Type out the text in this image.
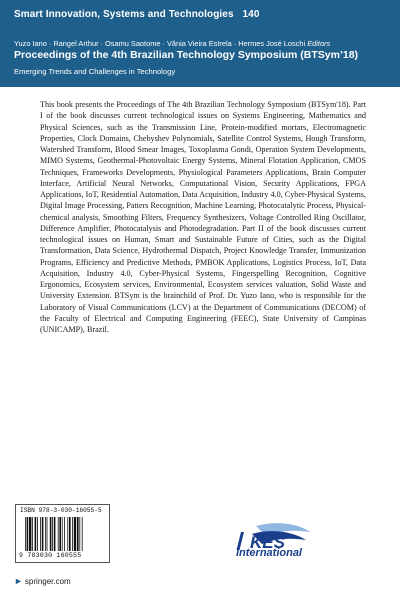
Smart Innovation, Systems and Technologies 140
Yuzo Iano · Rangel Arthur · Osamu Saotome · Vânia Vieira Estrela · Hermes José Loschi Editors
Proceedings of the 4th Brazilian Technology Symposium (BTSym’18)
Emerging Trends and Challenges in Technology
This book presents the Proceedings of The 4th Brazilian Technology Symposium (BTSym'18). Part I of the book discusses current technological issues on Systems Engineering, Mathematics and Physical Sciences, such as the Transmission Line, Protein-modified mortars, Electromagnetic Properties, Clock Domains, Chebyshev Polynomials, Satellite Control Systems, Hough Transform, Watershed Transform, Blood Smear Images, Toxoplasma Gondi, Operation System Developments, MIMO Systems, Geothermal-Photovoltaic Energy Systems, Mineral Flotation Application, CMOS Techniques, Frameworks Developments, Physiological Parameters Applications, Brain Computer Interface, Artificial Neural Networks, Computational Vision, Security Applications, FPGA Applications, IoT, Residential Automation, Data Acquisition, Industry 4.0, Cyber-Physical Systems, Digital Image Processing, Patters Recognition, Machine Learning, Photocatalytic Process, Physical-chemical analysis, Smoothing Filters, Frequency Synthesizers, Voltage Controlled Ring Oscillator, Difference Amplifier, Photocatalysis and Photodegradation. Part II of the book discusses current technological issues on Human, Smart and Sustainable Future of Cities, such as the Digital Transformation, Data Science, Hydrothermal Dispatch, Project Knowledge Transfer, Immunization Programs, Efficiency and Predictive Methods, PMBOK Applications, Logistics Process, IoT, Data Acquisition, Industry 4.0, Cyber-Physical Systems, Fingerspelling Recognition, Cognitive Ergonomics, Ecosystem services, Environmental, Ecosystem services valuation, Solid Waste and University Extension. BTSym is the brainchild of Prof. Dr. Yuzo Iano, who is responsible for the Laboratory of Visual Communications (LCV) at the Department of Communications (DECOM) of the Faculty of Electrical and Computing Engineering (FEEC), State University of Campinas (UNICAMP), Brazil.
ISBN 978-3-030-16055-5
9 783030 160555
► springer.com
KES
International
